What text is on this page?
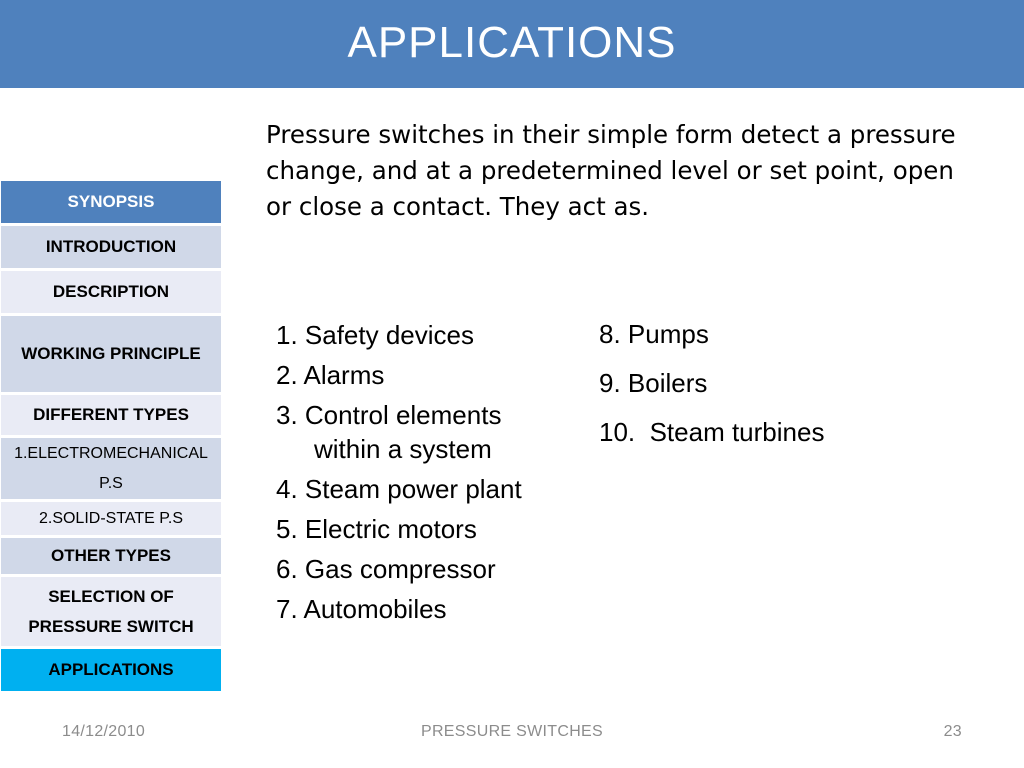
APPLICATIONS
Pressure switches in their simple form detect a pressure change, and at a predetermined level or set point, open or close a contact. They act as.
SYNOPSIS
INTRODUCTION
DESCRIPTION
WORKING PRINCIPLE
DIFFERENT TYPES
1.ELECTROMECHANICAL P.S
2.SOLID-STATE P.S
OTHER TYPES
SELECTION OF PRESSURE SWITCH
APPLICATIONS
1. Safety devices
2. Alarms
3. Control elements
within a system
4. Steam power plant
5. Electric motors
6. Gas compressor
7. Automobiles
8. Pumps
9. Boilers
10.  Steam turbines
14/12/2010	PRESSURE SWITCHES	23
